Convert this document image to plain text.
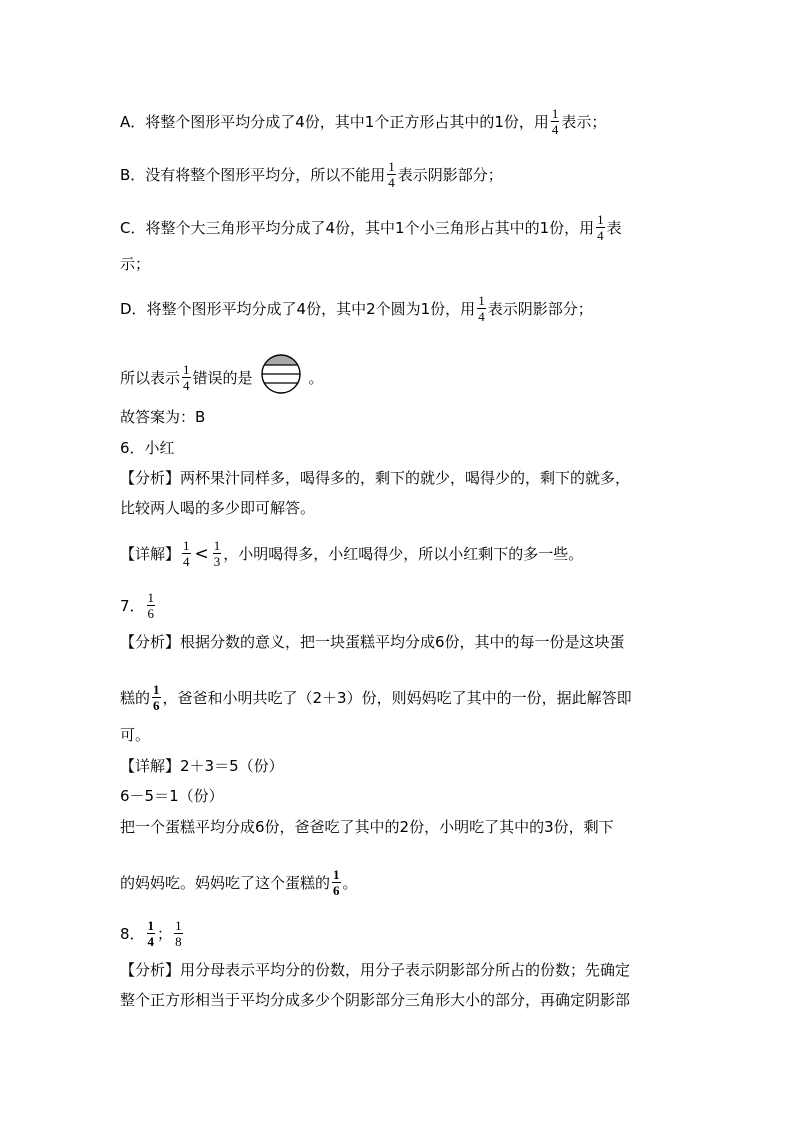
A．将整个图形平均分成了4份，其中1个正方形占其中的1份，用 $\frac{1}{4}$ 表示；
B．没有将整个图形平均分，所以不能用 $\frac{1}{4}$ 表示阴影部分；
C．将整个大三角形平均分成了4份，其中1个小三角形占其中的1份，用 $\frac{1}{4}$ 表
示；
D．将整个图形平均分成了4份，其中2个圆为1份，用 $\frac{1}{4}$ 表示阴影部分；
所以表示 $\frac{1}{4}$ 错误的是	。
故答案为：B
6．小红
【分析】两杯果汁同样多，喝得多的，剩下的就少，喝得少的，剩下的就多，
比较两人喝的多少即可解答。
【详解】 $\frac{1}{4} < \frac{1}{3}$ ，小明喝得多，小红喝得少，所以小红剩下的多一些。
7． $\frac{1}{6}$
【分析】根据分数的意义，把一块蛋糕平均分成6份，其中的每一份是这块蛋
糕的 $\frac{1}{6}$ ，爸爸和小明共吃了（2＋3）份，则妈妈吃了其中的一份，据此解答即
可。
【详解】2＋3＝5（份）
6－5＝1（份）
把一个蛋糕平均分成6份，爸爸吃了其中的2份，小明吃了其中的3份，剩下
的妈妈吃。妈妈吃了这个蛋糕的 $\frac{1}{6}$ 。
8． $\frac{1}{4}$ ； $\frac{1}{8}$
【分析】用分母表示平均分的份数，用分子表示阴影部分所占的份数；先确定
整个正方形相当于平均分成多少个阴影部分三角形大小的部分，再确定阴影部
